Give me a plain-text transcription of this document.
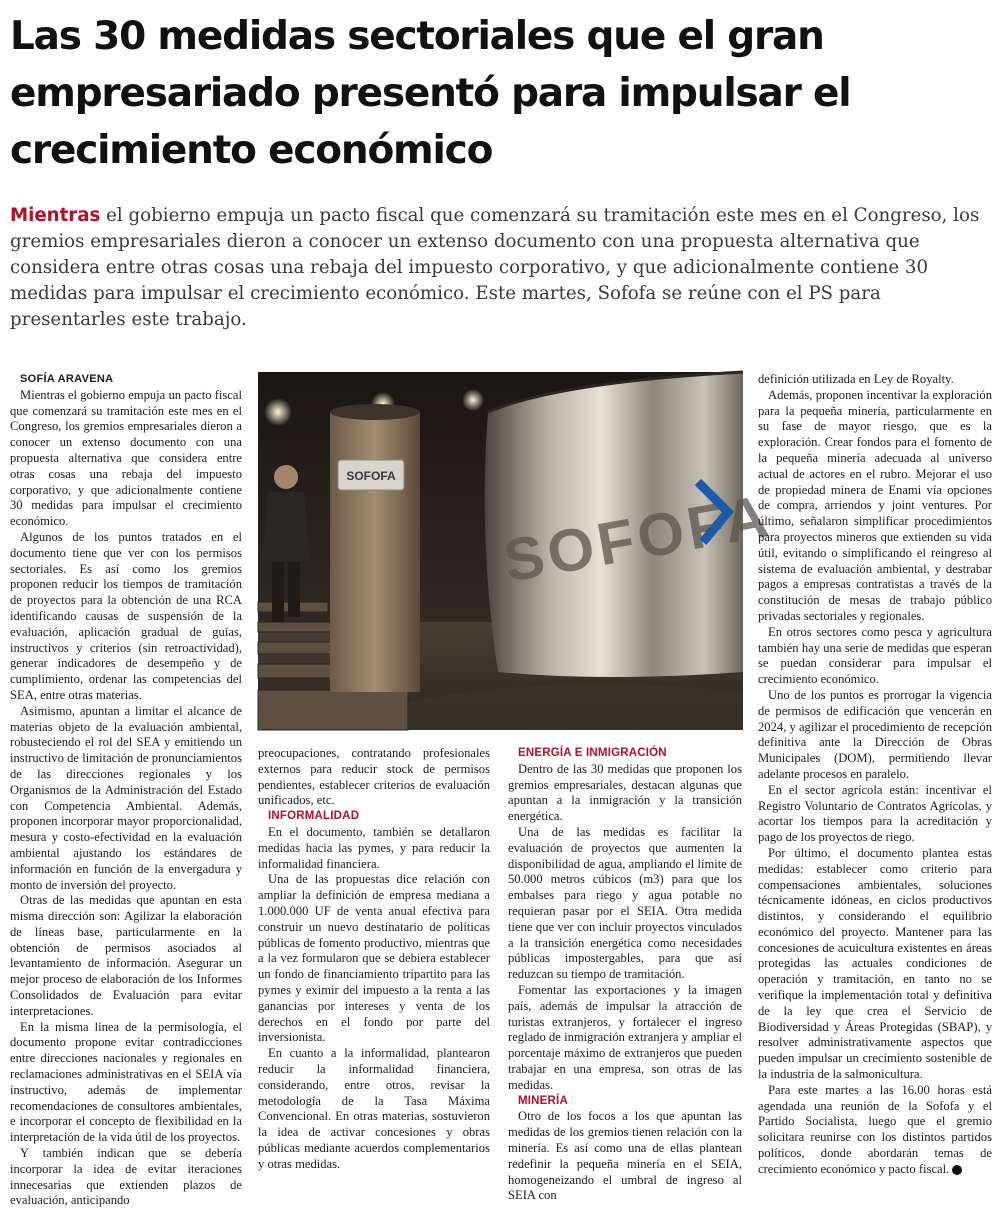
Las 30 medidas sectoriales que el gran empresariado presentó para impulsar el crecimiento económico

Mientras el gobierno empuja un pacto fiscal que comenzará su tramitación este mes en el Congreso, los gremios empresariales dieron a conocer un extenso documento con una propuesta alternativa que considera entre otras cosas una rebaja del impuesto corporativo, y que adicionalmente contiene 30 medidas para impulsar el crecimiento económico. Este martes, Sofofa se reúne con el PS para presentarles este trabajo.

SOFÍA ARAVENA

Mientras el gobierno empuja un pacto fiscal que comenzará su tramitación este mes en el Congreso, los gremios empresariales dieron a conocer un extenso documento con una propuesta alternativa que considera entre otras cosas una rebaja del impuesto corporativo, y que adicionalmente contiene 30 medidas para impulsar el crecimiento económico.

Algunos de los puntos tratados en el documento tiene que ver con los permisos sectoriales. Es así como los gremios proponen reducir los tiempos de tramitación de proyectos para la obtención de una RCA identificando causas de suspensión de la evaluación, aplicación gradual de guías, instructivos y criterios (sin retroactividad), generar indicadores de desempeño y de cumplimiento, ordenar las competencias del SEA, entre otras materias.

Asimismo, apuntan a limitar el alcance de materias objeto de la evaluación ambiental, robusteciendo el rol del SEA y emitiendo un instructivo de limitación de pronunciamientos de las direcciones regionales y los Organismos de la Administración del Estado con Competencia Ambiental. Además, proponen incorporar mayor proporcionalidad, mesura y costo-efectividad en la evaluación ambiental ajustando los estándares de información en función de la envergadura y monto de inversión del proyecto.

Otras de las medidas que apuntan en esta misma dirección son: Agilizar la elaboración de líneas base, particularmente en la obtención de permisos asociados al levantamiento de información. Asegurar un mejor proceso de elaboración de los Informes Consolidados de Evaluación para evitar interpretaciones.

En la misma línea de la permisología, el documento propone evitar contradicciones entre direcciones nacionales y regionales en reclamaciones administrativas en el SEIA vía instructivo, además de implementar recomendaciones de consultores ambientales, e incorporar el concepto de flexibilidad en la interpretación de la vida útil de los proyectos.

Y también indican que se debería incorporar la idea de evitar iteraciones innecesarias que extienden plazos de evaluación, anticipando

SOFOFA
SOFOFA

preocupaciones, contratando profesionales externos para reducir stock de permisos pendientes, establecer criterios de evaluación unificados, etc.

INFORMALIDAD

En el documento, también se detallaron medidas hacia las pymes, y para reducir la informalidad financiera.

Una de las propuestas dice relación con ampliar la definición de empresa mediana a 1.000.000 UF de venta anual efectiva para construir un nuevo destinatario de políticas públicas de fomento productivo, mientras que a la vez formularon que se debiera establecer un fondo de financiamiento tripartito para las pymes y eximir del impuesto a la renta a las ganancias por intereses y venta de los derechos en el fondo por parte del inversionista.

En cuanto a la informalidad, plantearon reducir la informalidad financiera, considerando, entre otros, revisar la metodología de la Tasa Máxima Convencional. En otras materias, sostuvieron la idea de activar concesiones y obras públicas mediante acuerdos complementarios y otras medidas.

ENERGÍA E INMIGRACIÓN

Dentro de las 30 medidas que proponen los gremios empresariales, destacan algunas que apuntan a la inmigración y la transición energética.

Una de las medidas es facilitar la evaluación de proyectos que aumenten la disponibilidad de agua, ampliando el límite de 50.000 metros cúbicos (m3) para que los embalses para riego y agua potable no requieran pasar por el SEIA. Otra medida tiene que ver con incluir proyectos vinculados a la transición energética como necesidades públicas impostergables, para que así reduzcan su tiempo de tramitación.

Fomentar las exportaciones y la imagen país, además de impulsar la atracción de turistas extranjeros, y fortalecer el ingreso reglado de inmigración extranjera y ampliar el porcentaje máximo de extranjeros que pueden trabajar en una empresa, son otras de las medidas.

MINERÍA

Otro de los focos a los que apuntan las medidas de los gremios tienen relación con la minería. Es así como una de ellas plantean redefinir la pequeña minería en el SEIA, homogeneizando el umbral de ingreso al SEIA con

definición utilizada en Ley de Royalty.

Además, proponen incentivar la exploración para la pequeña minería, particularmente en su fase de mayor riesgo, que es la exploración. Crear fondos para el fomento de la pequeña minería adecuada al universo actual de actores en el rubro. Mejorar el uso de propiedad minera de Enami vía opciones de compra, arriendos y joint ventures. Por último, señalaron simplificar procedimientos para proyectos mineros que extienden su vida útil, evitando o simplificando el reingreso al sistema de evaluación ambiental, y destrabar pagos a empresas contratistas a través de la constitución de mesas de trabajo público privadas sectoriales y regionales.

En otros sectores como pesca y agricultura también hay una serie de medidas que esperan se puedan considerar para impulsar el crecimiento económico.

Uno de los puntos es prorrogar la vigencia de permisos de edificación que vencerán en 2024, y agilizar el procedimiento de recepción definitiva ante la Dirección de Obras Municipales (DOM), permitiendo llevar adelante procesos en paralelo.

En el sector agrícola están: incentivar el Registro Voluntario de Contratos Agrícolas, y acortar los tiempos para la acreditación y pago de los proyectos de riego.

Por último, el documento plantea estas medidas: establecer como criterio para compensaciones ambientales, soluciones técnicamente idóneas, en ciclos productivos distintos, y considerando el equilibrio económico del proyecto. Mantener para las concesiones de acuicultura existentes en áreas protegidas las actuales condiciones de operación y tramitación, en tanto no se verifique la implementación total y definitiva de la ley que crea el Servicio de Biodiversidad y Áreas Protegidas (SBAP), y resolver administrativamente aspectos que pueden impulsar un crecimiento sostenible de la industria de la salmonicultura.

Para este martes a las 16.00 horas está agendada una reunión de la Sofofa y el Partido Socialista, luego que el gremio solicitara reunirse con los distintos partidos políticos, donde abordarán temas de crecimiento económico y pacto fiscal.
